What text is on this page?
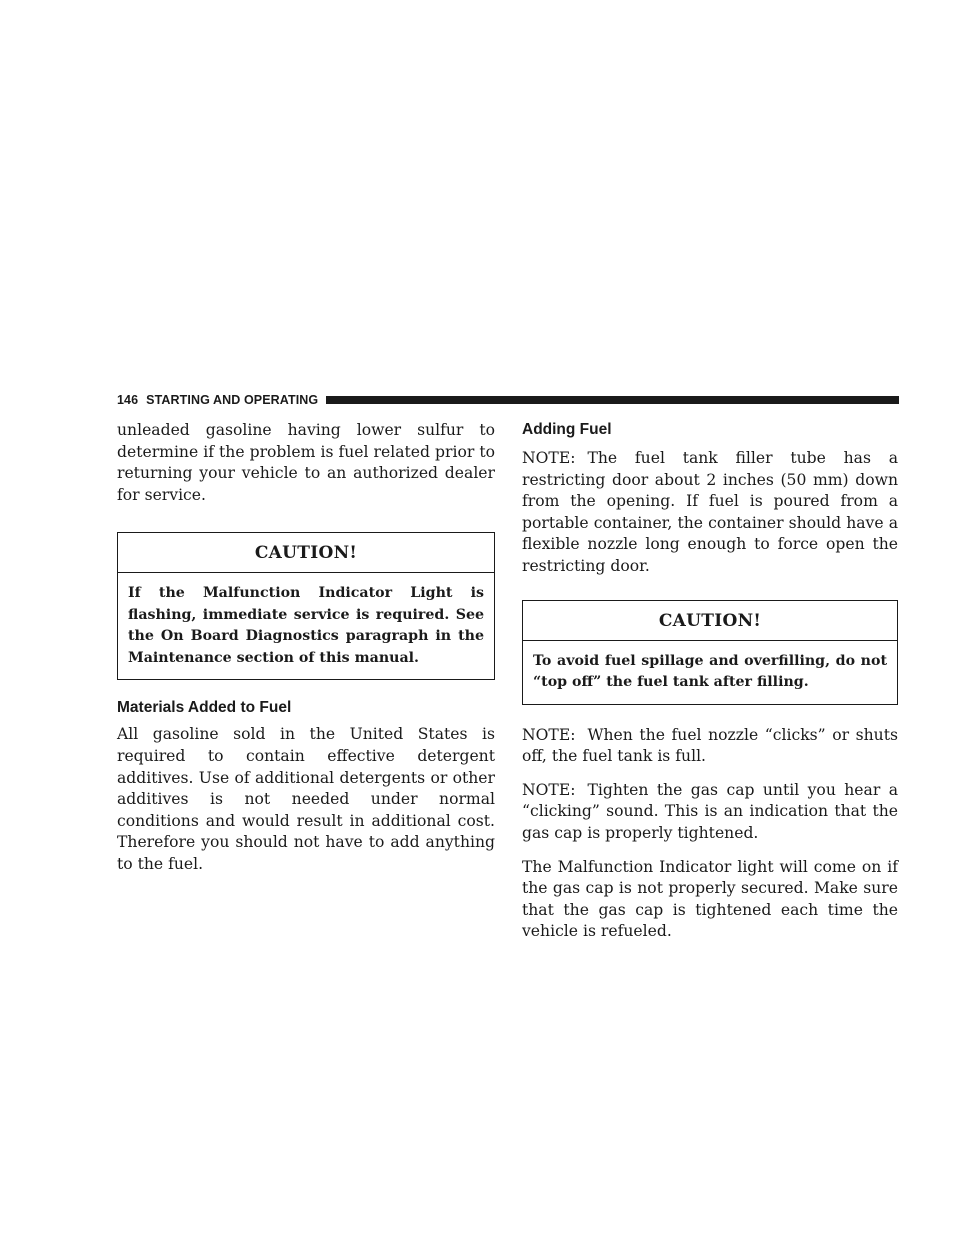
146 STARTING AND OPERATING

unleaded gasoline having lower sulfur to determine if the problem is fuel related prior to returning your vehicle to an authorized dealer for service.

CAUTION!
If the Malfunction Indicator Light is flashing, immediate service is required. See the On Board Diagnostics paragraph in the Maintenance section of this manual.
Materials Added to Fuel

All gasoline sold in the United States is required to contain effective detergent additives. Use of additional detergents or other additives is not needed under normal conditions and would result in additional cost. Therefore you should not have to add anything to the fuel.

Adding Fuel

NOTE: The fuel tank filler tube has a restricting door about 2 inches (50 mm) down from the opening. If fuel is poured from a portable container, the container should have a flexible nozzle long enough to force open the restricting door.

CAUTION!
To avoid fuel spillage and overfilling, do not “top off” the fuel tank after filling.

NOTE: When the fuel nozzle “clicks” or shuts off, the fuel tank is full.

NOTE: Tighten the gas cap until you hear a “clicking” sound. This is an indication that the gas cap is properly tightened.

The Malfunction Indicator light will come on if the gas cap is not properly secured. Make sure that the gas cap is tightened each time the vehicle is refueled.
